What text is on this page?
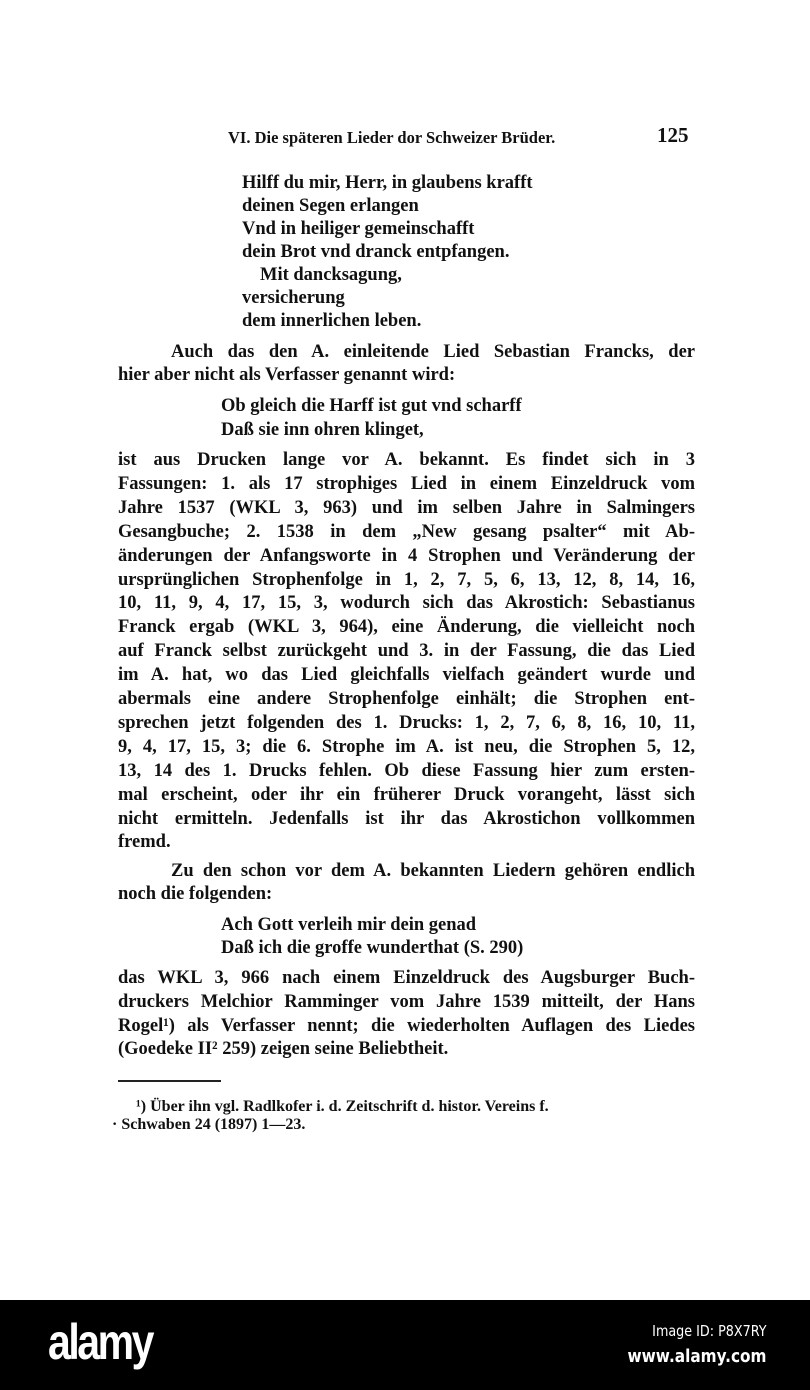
VI. Die späteren Lieder dor Schweizer Brüder.	125
Hilff du mir, Herr, in glaubens krafft
deinen Segen erlangen
Vnd in heiliger gemeinschafft
dein Brot vnd dranck entpfangen.
Mit dancksagung,
versicherung
dem innerlichen leben.
Auch das den A. einleitende Lied Sebastian Francks, der
hier aber nicht als Verfasser genannt wird:
Ob gleich die Harff ist gut vnd scharff
Daß sie inn ohren klinget,
ist aus Drucken lange vor A. bekannt. Es findet sich in 3
Fassungen: 1. als 17 strophiges Lied in einem Einzeldruck vom
Jahre 1537 (WKL 3, 963) und im selben Jahre in Salmingers
Gesangbuche; 2. 1538 in dem „New gesang psalter“ mit Ab-
änderungen der Anfangsworte in 4 Strophen und Veränderung der
ursprünglichen Strophenfolge in 1, 2, 7, 5, 6, 13, 12, 8, 14, 16,
10, 11, 9, 4, 17, 15, 3, wodurch sich das Akrostich: Sebastianus
Franck ergab (WKL 3, 964), eine Änderung, die vielleicht noch
auf Franck selbst zurückgeht und 3. in der Fassung, die das Lied
im A. hat, wo das Lied gleichfalls vielfach geändert wurde und
abermals eine andere Strophenfolge einhält; die Strophen ent-
sprechen jetzt folgenden des 1. Drucks: 1, 2, 7, 6, 8, 16, 10, 11,
9, 4, 17, 15, 3; die 6. Strophe im A. ist neu, die Strophen 5, 12,
13, 14 des 1. Drucks fehlen. Ob diese Fassung hier zum ersten-
mal erscheint, oder ihr ein früherer Druck vorangeht, lässt sich
nicht ermitteln. Jedenfalls ist ihr das Akrostichon vollkommen
fremd.
Zu den schon vor dem A. bekannten Liedern gehören endlich
noch die folgenden:
Ach Gott verleih mir dein genad
Daß ich die groffe wunderthat (S. 290)
das WKL 3, 966 nach einem Einzeldruck des Augsburger Buch-
druckers Melchior Ramminger vom Jahre 1539 mitteilt, der Hans
Rogel¹) als Verfasser nennt; die wiederholten Auflagen des Liedes
(Goedeke II² 259) zeigen seine Beliebtheit.
¹) Über ihn vgl. Radlkofer i. d. Zeitschrift d. histor. Vereins f.
· Schwaben 24 (1897) 1—23.
alamy	Image ID: P8X7RY
www.alamy.com
